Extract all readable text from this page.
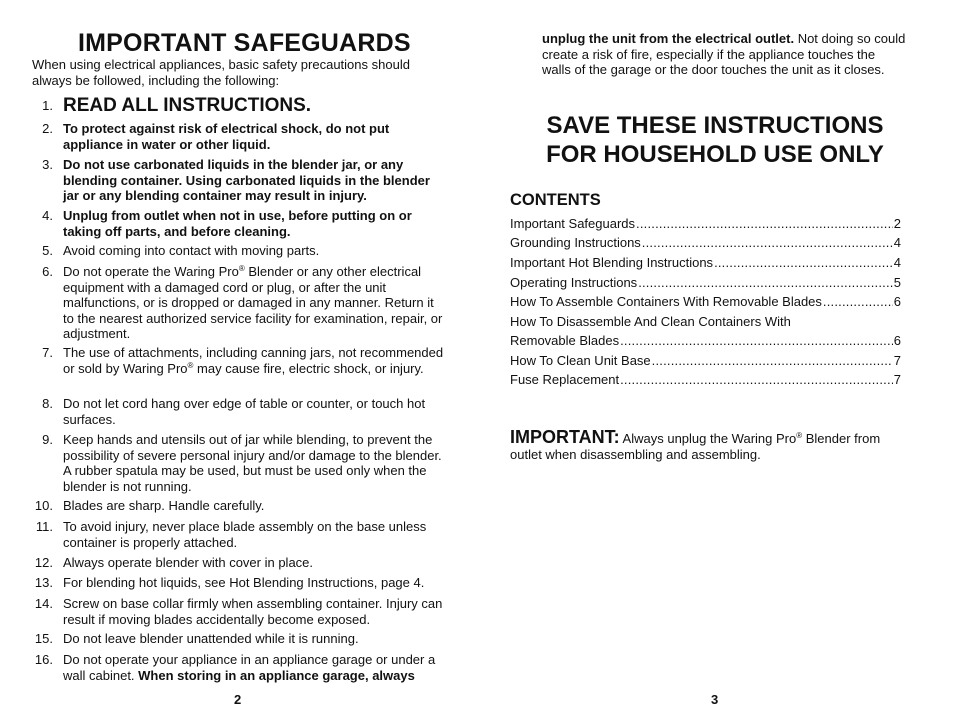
IMPORTANT SAFEGUARDS

When using electrical appliances, basic safety precautions should always be followed, including the following:

1. READ ALL INSTRUCTIONS.
2. To protect against risk of electrical shock, do not put appliance in water or other liquid.
3. Do not use carbonated liquids in the blender jar, or any blending container. Using carbonated liquids in the blender jar or any blending container may result in injury.
4. Unplug from outlet when not in use, before putting on or taking off parts, and before cleaning.
5. Avoid coming into contact with moving parts.
6. Do not operate the Waring Pro® Blender or any other electrical equipment with a damaged cord or plug, or after the unit malfunctions, or is dropped or damaged in any manner. Return it to the nearest authorized service facility for examination, repair, or adjustment.
7. The use of attachments, including canning jars, not recommended or sold by Waring Pro® may cause fire, electric shock, or injury.
8. Do not let cord hang over edge of table or counter, or touch hot surfaces.
9. Keep hands and utensils out of jar while blending, to prevent the possibility of severe personal injury and/or damage to the blender. A rubber spatula may be used, but must be used only when the blender is not running.
10. Blades are sharp. Handle carefully.
11. To avoid injury, never place blade assembly on the base unless container is properly attached.
12. Always operate blender with cover in place.
13. For blending hot liquids, see Hot Blending Instructions, page 4.
14. Screw on base collar firmly when assembling container. Injury can result if moving blades accidentally become exposed.
15. Do not leave blender unattended while it is running.
16. Do not operate your appliance in an appliance garage or under a wall cabinet. When storing in an appliance garage, always
2

unplug the unit from the electrical outlet. Not doing so could create a risk of fire, especially if the appliance touches the walls of the garage or the door touches the unit as it closes.

SAVE THESE INSTRUCTIONS
FOR HOUSEHOLD USE ONLY
CONTENTS
Important Safeguards .....	2
Grounding Instructions .....	4
Important Hot Blending Instructions .....	4
Operating Instructions .....	5
How To Assemble Containers With Removable Blades .....	6
How To Disassemble And Clean Containers With
Removable Blades .....	6
How To Clean Unit Base .....	7
Fuse Replacement .....	7

IMPORTANT: Always unplug the Waring Pro® Blender from outlet when disassembling and assembling.

3
